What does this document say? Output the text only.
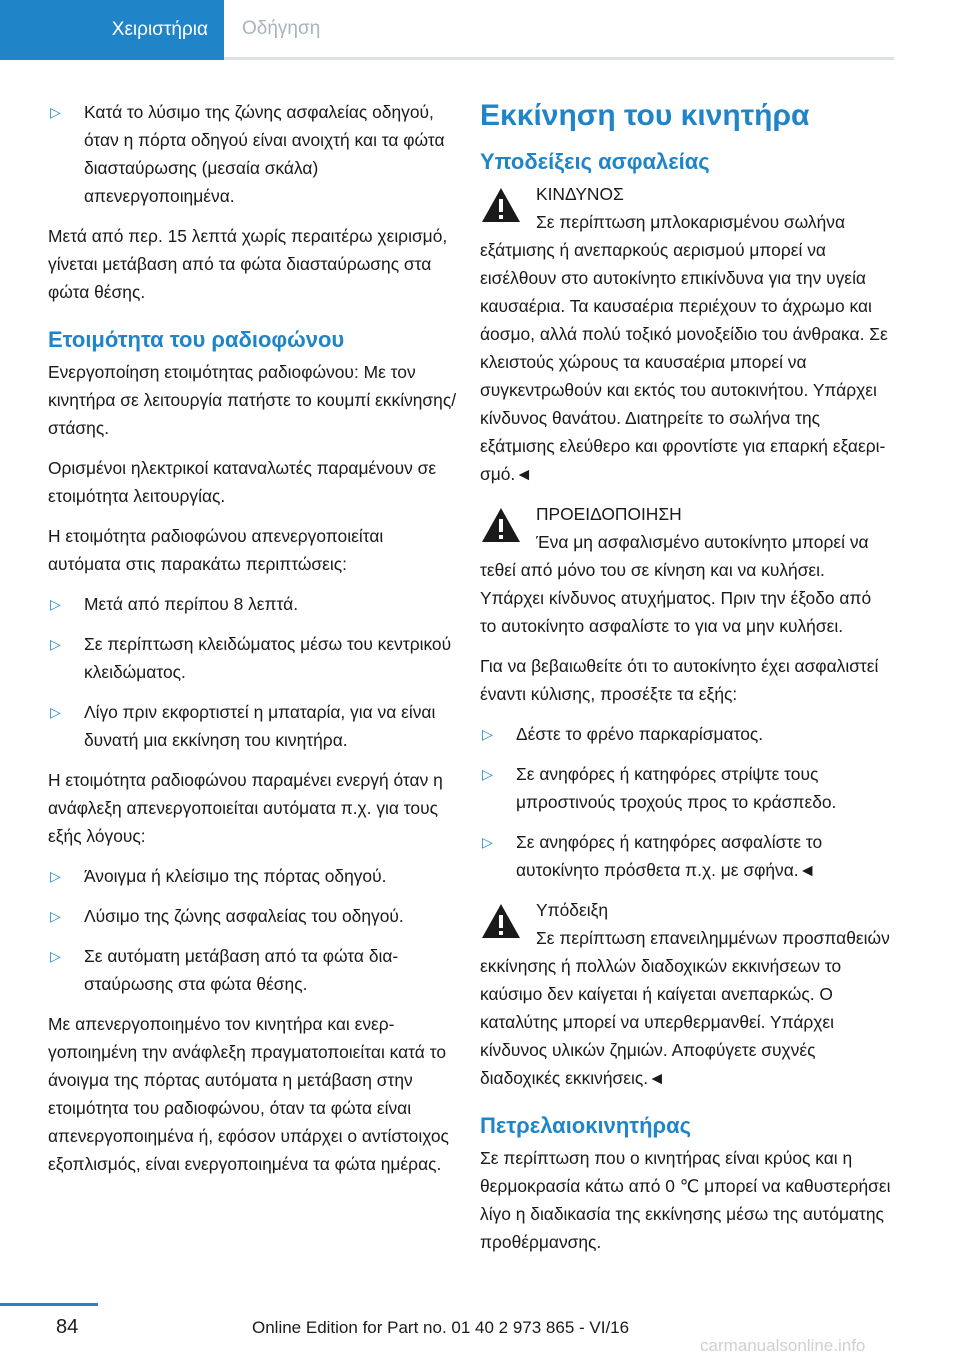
Χειριστήρια	Οδήγηση
▷ Κατά το λύσιμο της ζώνης ασφαλείας οδηγού, όταν η πόρτα οδηγού είναι ανοιχτή και τα φώτα διασταύρωσης (μεσαία σκάλα) απενεργοποιημένα.

Μετά από περ. 15 λεπτά χωρίς περαιτέρω χειρισμό, γίνεται μετάβαση από τα φώτα διασταύρωσης στα φώτα θέσης.

Ετοιμότητα του ραδιοφώνου

Ενεργοποίηση ετοιμότητας ραδιοφώνου: Με τον κινητήρα σε λειτουργία πατήστε το κουμπί εκκίνησης/στάσης.

Ορισμένοι ηλεκτρικοί καταναλωτές παραμένουν σε ετοιμότητα λειτουργίας.

Η ετοιμότητα ραδιοφώνου απενεργοποιείται αυτόματα στις παρακάτω περιπτώσεις:

▷ Μετά από περίπου 8 λεπτά.
▷ Σε περίπτωση κλειδώματος μέσω του κεντρικού κλειδώματος.
▷ Λίγο πριν εκφορτιστεί η μπαταρία, για να είναι δυνατή μια εκκίνηση του κινητήρα.

Η ετοιμότητα ραδιοφώνου παραμένει ενεργή όταν η ανάφλεξη απενεργοποιείται αυτόματα π.χ. για τους εξής λόγους:

▷ Άνοιγμα ή κλείσιμο της πόρτας οδηγού.
▷ Λύσιμο της ζώνης ασφαλείας του οδηγού.
▷ Σε αυτόματη μετάβαση από τα φώτα διασταύρωσης στα φώτα θέσης.

Με απενεργοποιημένο τον κινητήρα και ενεργοποιημένη την ανάφλεξη πραγματοποιείται κατά το άνοιγμα της πόρτας αυτόματα η μετάβαση στην ετοιμότητα του ραδιοφώνου, όταν τα φώτα είναι απενεργοποιημένα ή, εφόσον υπάρχει ο αντίστοιχος εξοπλισμός, είναι ενεργοποιημένα τα φώτα ημέρας.

Εκκίνηση του κινητήρα
Υποδείξεις ασφαλείας
ΚΙΝΔΥΝΟΣ
Σε περίπτωση μπλοκαρισμένου σωλήνα εξάτμισης ή ανεπαρκούς αερισμού μπορεί να εισέλθουν στο αυτοκίνητο επικίνδυνα για την υγεία καυσαέρια. Τα καυσαέρια περιέχουν το άχρωμο και άοσμο, αλλά πολύ τοξικό μονοξείδιο του άνθρακα. Σε κλειστούς χώρους τα καυσαέρια μπορεί να συγκεντρωθούν και εκτός του αυτοκινήτου. Υπάρχει κίνδυνος θανάτου. Διατηρείτε το σωλήνα της εξάτμισης ελεύθερο και φροντίστε για επαρκή εξαερισμό.◄
ΠΡΟΕΙΔΟΠΟΙΗΣΗ
Ένα μη ασφαλισμένο αυτοκίνητο μπορεί να τεθεί από μόνο του σε κίνηση και να κυλήσει. Υπάρχει κίνδυνος ατυχήματος. Πριν την έξοδο από το αυτοκίνητο ασφαλίστε το για να μην κυλήσει.

Για να βεβαιωθείτε ότι το αυτοκίνητο έχει ασφαλιστεί έναντι κύλισης, προσέξτε τα εξής:

▷ Δέστε το φρένο παρκαρίσματος.
▷ Σε ανηφόρες ή κατηφόρες στρίψτε τους μπροστινούς τροχούς προς το κράσπεδο.
▷ Σε ανηφόρες ή κατηφόρες ασφαλίστε το αυτοκίνητο πρόσθετα π.χ. με σφήνα.◄
Υπόδειξη
Σε περίπτωση επανειλημμένων προσπαθειών εκκίνησης ή πολλών διαδοχικών εκκινήσεων το καύσιμο δεν καίγεται ή καίγεται ανεπαρκώς. Ο καταλύτης μπορεί να υπερθερμανθεί. Υπάρχει κίνδυνος υλικών ζημιών. Αποφύγετε συχνές διαδοχικές εκκινήσεις.◄
Πετρελαιοκινητήρας

Σε περίπτωση που ο κινητήρας είναι κρύος και η θερμοκρασία κάτω από 0 ℃ μπορεί να καθυστερήσει λίγο η διαδικασία της εκκίνησης μέσω της αυτόματης προθέρμανσης.

84	Online Edition for Part no. 01 40 2 973 865 - VI/16
carmanualsonline.info
